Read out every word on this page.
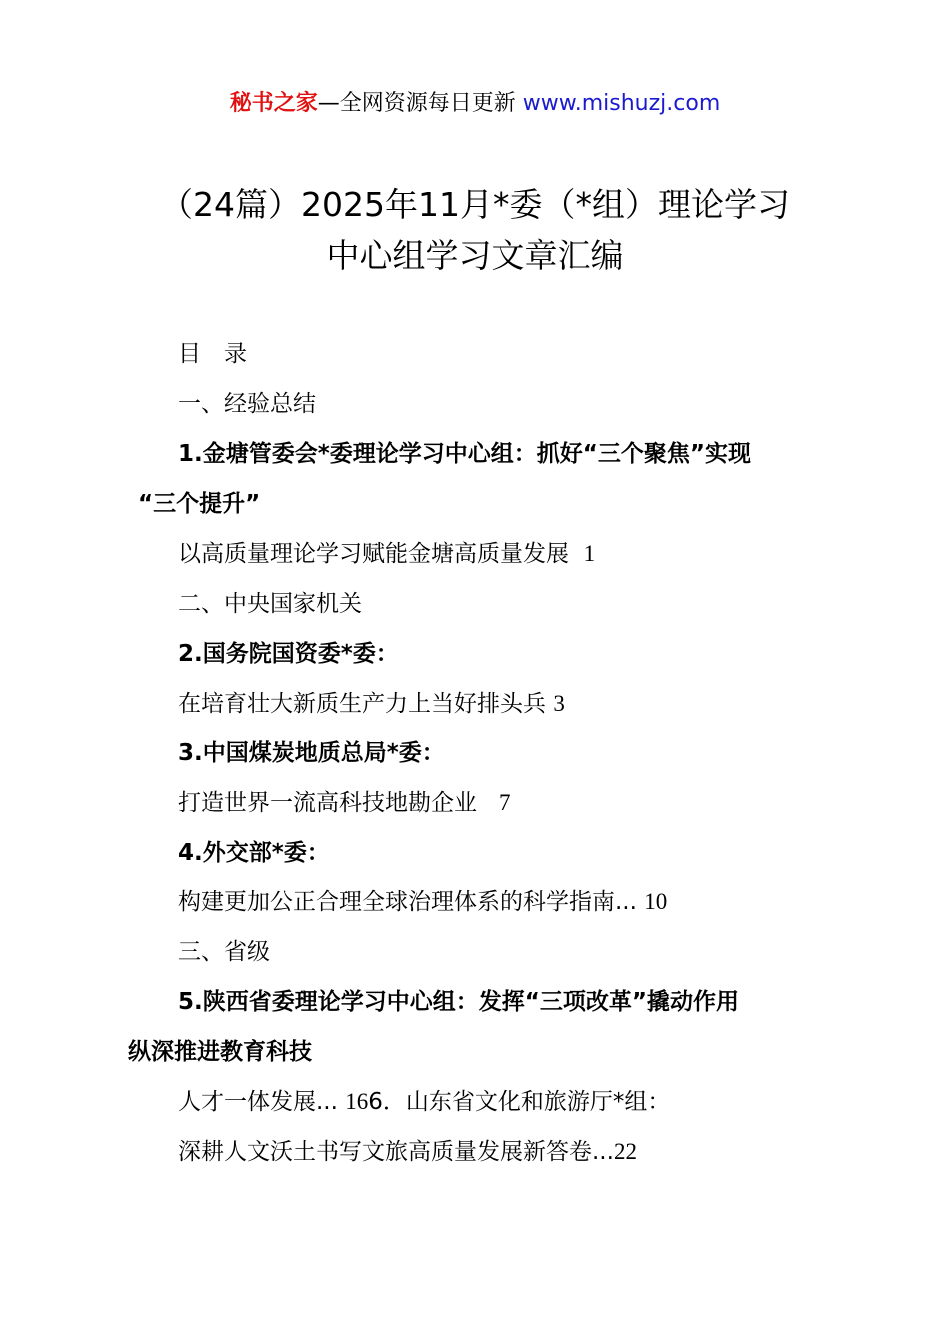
秘书之家—全网资源每日更新 www.mishuzj.com
（24篇）2025年11月*委（*组）理论学习
中心组学习文章汇编
目　录
一、经验总结
1.金塘管委会*委理论学习中心组：抓好“三个聚焦”实现
“三个提升”
以高质量理论学习赋能金塘高质量发展 1
二、中央国家机关
2.国务院国资委*委：
在培育壮大新质生产力上当好排头兵 3
3.中国煤炭地质总局*委：
打造世界一流高科技地勘企业 7
4.外交部*委：
构建更加公正合理全球治理体系的科学指南... 10
三、省级
5.陕西省委理论学习中心组：发挥“三项改革”撬动作用
纵深推进教育科技
人才一体发展... 166．山东省文化和旅游厅*组：
深耕人文沃土书写文旅高质量发展新答卷...22
